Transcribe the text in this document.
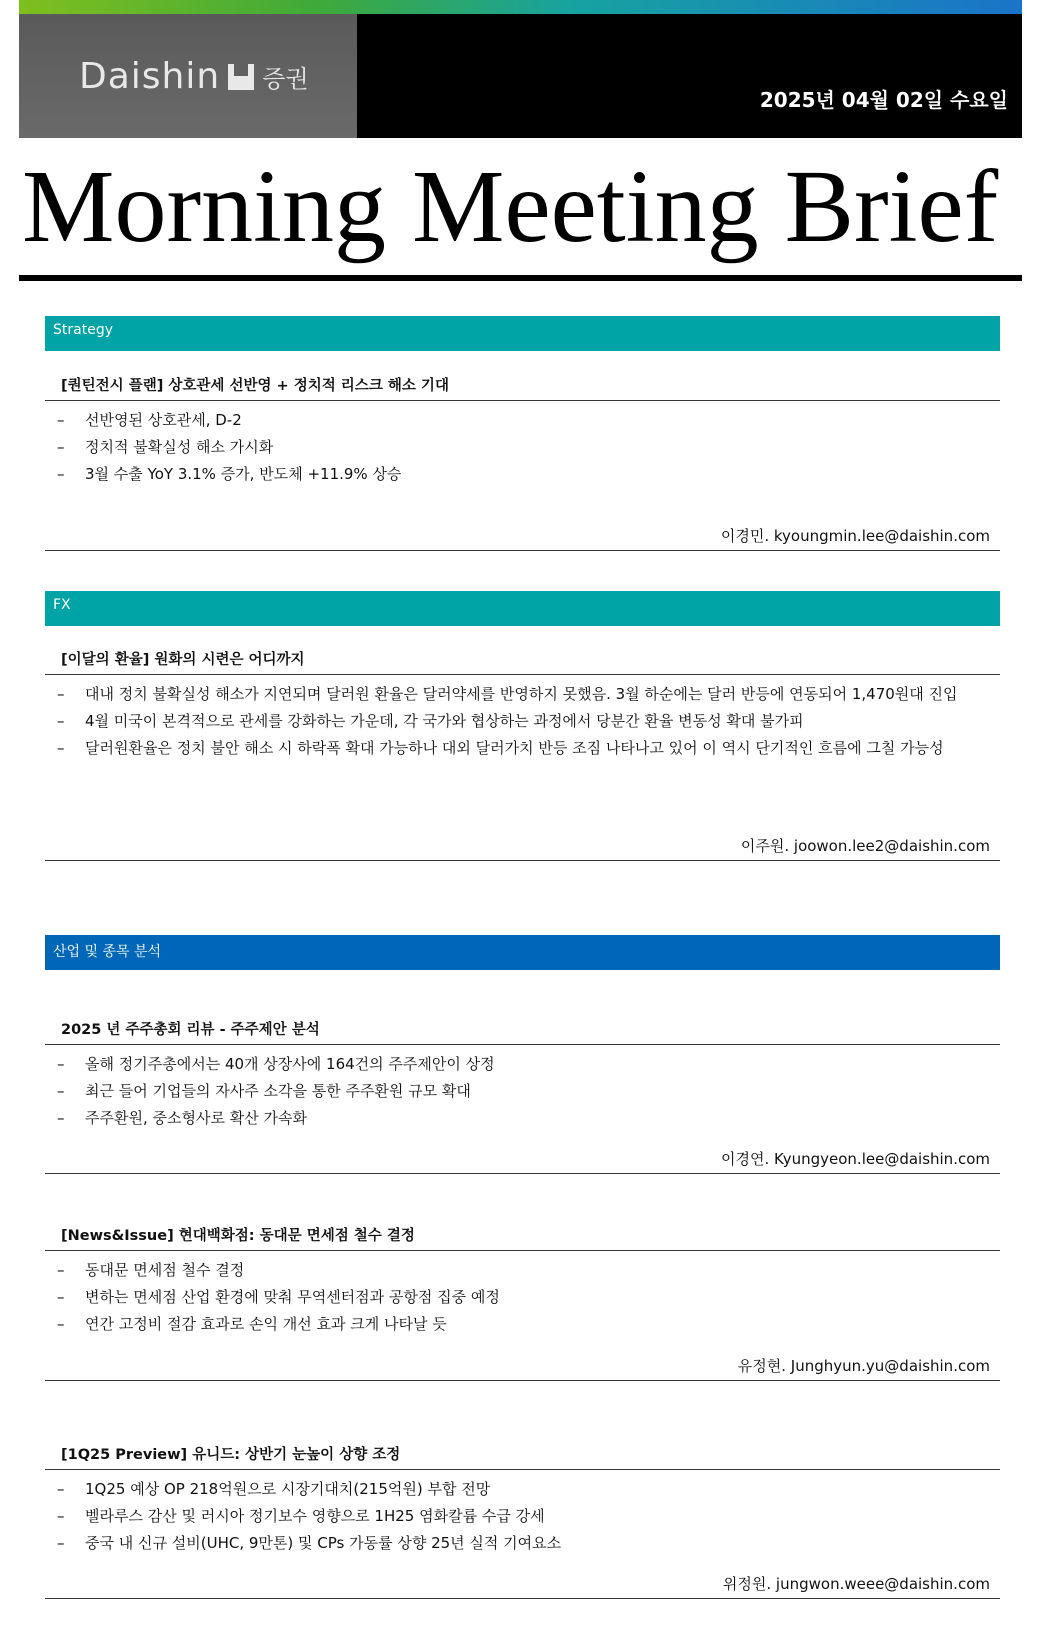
Daishin 증권
2025년 04월 02일 수요일
Morning Meeting Brief
Strategy
[퀀틴전시 플랜] 상호관세 선반영 + 정치적 리스크 해소 기대
– 선반영된 상호관세, D-2
– 정치적 불확실성 해소 가시화
– 3월 수출 YoY 3.1% 증가, 반도체 +11.9% 상승
이경민. kyoungmin.lee@daishin.com
FX
[이달의 환율] 원화의 시련은 어디까지
– 대내 정치 불확실성 해소가 지연되며 달러원 환율은 달러약세를 반영하지 못했음. 3월 하순에는 달러 반등에 연동되어 1,470원대 진입
– 4월 미국이 본격적으로 관세를 강화하는 가운데, 각 국가와 협상하는 과정에서 당분간 환율 변동성 확대 불가피
– 달러원환율은 정치 불안 해소 시 하락폭 확대 가능하나 대외 달러가치 반등 조짐 나타나고 있어 이 역시 단기적인 흐름에 그칠 가능성
이주원. joowon.lee2@daishin.com
산업 및 종목 분석
2025 년 주주총회 리뷰 - 주주제안 분석
– 올해 정기주총에서는 40개 상장사에 164건의 주주제안이 상정
– 최근 들어 기업들의 자사주 소각을 통한 주주환원 규모 확대
– 주주환원, 중소형사로 확산 가속화
이경연. Kyungyeon.lee@daishin.com
[News&Issue] 현대백화점: 동대문 면세점 철수 결정
– 동대문 면세점 철수 결정
– 변하는 면세점 산업 환경에 맞춰 무역센터점과 공항점 집중 예정
– 연간 고정비 절감 효과로 손익 개선 효과 크게 나타날 듯
유정현. Junghyun.yu@daishin.com
[1Q25 Preview] 유니드: 상반기 눈높이 상향 조정
– 1Q25 예상 OP 218억원으로 시장기대치(215억원) 부합 전망
– 벨라루스 감산 및 러시아 정기보수 영향으로 1H25 염화칼륨 수급 강세
– 중국 내 신규 설비(UHC, 9만톤) 및 CPs 가동률 상향 25년 실적 기여요소
위정원. jungwon.weee@daishin.com
